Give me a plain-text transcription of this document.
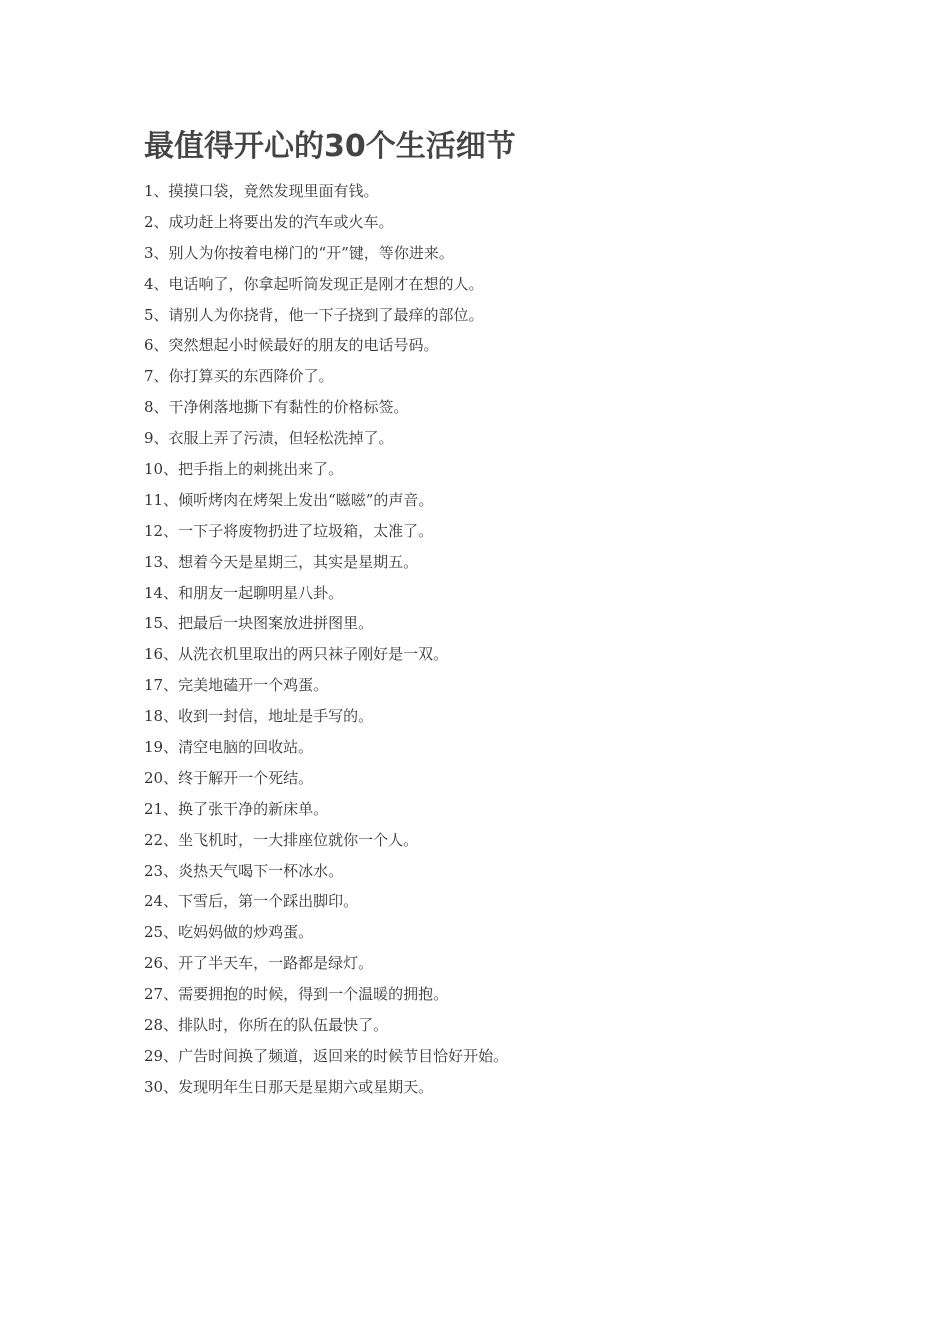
最值得开心的30个生活细节
1、摸摸口袋，竟然发现里面有钱。
2、成功赶上将要出发的汽车或火车。
3、别人为你按着电梯门的“开”键，等你进来。
4、电话响了，你拿起听筒发现正是刚才在想的人。
5、请别人为你挠背，他一下子挠到了最痒的部位。
6、突然想起小时候最好的朋友的电话号码。
7、你打算买的东西降价了。
8、干净俐落地撕下有黏性的价格标签。
9、衣服上弄了污渍，但轻松洗掉了。
10、把手指上的刺挑出来了。
11、倾听烤肉在烤架上发出“嗞嗞”的声音。
12、一下子将废物扔进了垃圾箱，太准了。
13、想着今天是星期三，其实是星期五。
14、和朋友一起聊明星八卦。
15、把最后一块图案放进拼图里。
16、从洗衣机里取出的两只袜子刚好是一双。
17、完美地磕开一个鸡蛋。
18、收到一封信，地址是手写的。
19、清空电脑的回收站。
20、终于解开一个死结。
21、换了张干净的新床单。
22、坐飞机时，一大排座位就你一个人。
23、炎热天气喝下一杯冰水。
24、下雪后，第一个踩出脚印。
25、吃妈妈做的炒鸡蛋。
26、开了半天车，一路都是绿灯。
27、需要拥抱的时候，得到一个温暖的拥抱。
28、排队时，你所在的队伍最快了。
29、广告时间换了频道，返回来的时候节目恰好开始。
30、发现明年生日那天是星期六或星期天。
